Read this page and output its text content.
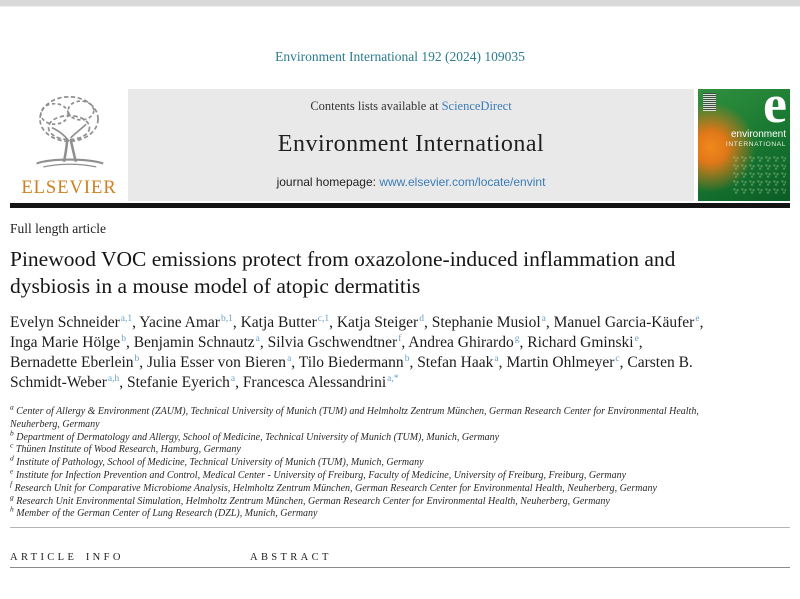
Environment International 192 (2024) 109035
ELSEVIER
Contents lists available at ScienceDirect
Environment International
journal homepage: www.elsevier.com/locate/envint
e
environment
INTERNATIONAL
Full length article
Pinewood VOC emissions protect from oxazolone-induced inflammation and dysbiosis in a mouse model of atopic dermatitis
Evelyn Schneider$^{a,1}$, Yacine Amar$^{b,1}$, Katja Butter$^{c,1}$, Katja Steiger$^d$, Stephanie Musiol$^a$, Manuel Garcia-Käufer$^e$, Inga Marie Hölge$^b$, Benjamin Schnautz$^a$, Silvia Gschwendtner$^f$, Andrea Ghirardo$^g$, Richard Gminski$^e$, Bernadette Eberlein$^b$, Julia Esser von Bieren$^a$, Tilo Biedermann$^b$, Stefan Haak$^a$, Martin Ohlmeyer$^c$, Carsten B. Schmidt-Weber$^{a,h}$, Stefanie Eyerich$^a$, Francesca Alessandrini$^{a,*}$
$^a$ Center of Allergy & Environment (ZAUM), Technical University of Munich (TUM) and Helmholtz Zentrum München, German Research Center for Environmental Health, Neuherberg, Germany
$^b$ Department of Dermatology and Allergy, School of Medicine, Technical University of Munich (TUM), Munich, Germany
$^c$ Thünen Institute of Wood Research, Hamburg, Germany
$^d$ Institute of Pathology, School of Medicine, Technical University of Munich (TUM), Munich, Germany
$^e$ Institute for Infection Prevention and Control, Medical Center - University of Freiburg, Faculty of Medicine, University of Freiburg, Freiburg, Germany
$^f$ Research Unit for Comparative Microbiome Analysis, Helmholtz Zentrum München, German Research Center for Environmental Health, Neuherberg, Germany
$^g$ Research Unit Environmental Simulation, Helmholtz Zentrum München, German Research Center for Environmental Health, Neuherberg, Germany
$^h$ Member of the German Center of Lung Research (DZL), Munich, Germany
ARTICLE INFO	ABSTRACT
